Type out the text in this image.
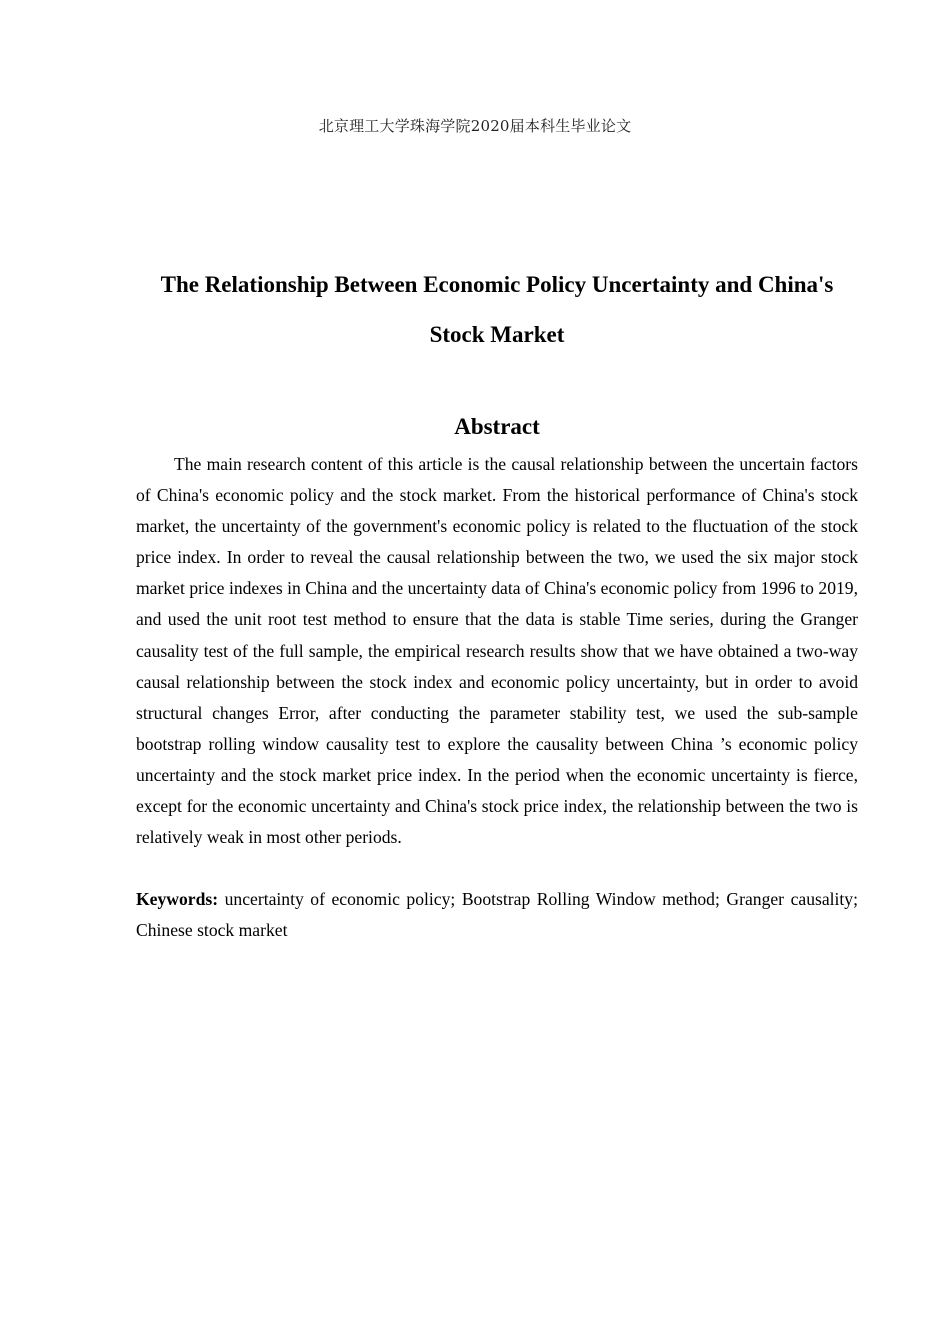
北京理工大学珠海学院2020届本科生毕业论文
The Relationship Between Economic Policy Uncertainty and China's
Stock Market
Abstract

The main research content of this article is the causal relationship between the uncertain factors of China's economic policy and the stock market. From the historical performance of China's stock market, the uncertainty of the government's economic policy is related to the fluctuation of the stock price index. In order to reveal the causal relationship between the two, we used the six major stock market price indexes in China and the uncertainty data of China's economic policy from 1996 to 2019, and used the unit root test method to ensure that the data is stable Time series, during the Granger causality test of the full sample, the empirical research results show that we have obtained a two-way causal relationship between the stock index and economic policy uncertainty, but in order to avoid structural changes Error, after conducting the parameter stability test, we used the sub-sample bootstrap rolling window causality test to explore the causality between China ’s economic policy uncertainty and the stock market price index. In the period when the economic uncertainty is fierce, except for the economic uncertainty and China's stock price index, the relationship between the two is relatively weak in most other periods.

Keywords: uncertainty of economic policy; Bootstrap Rolling Window method; Granger causality; Chinese stock market
